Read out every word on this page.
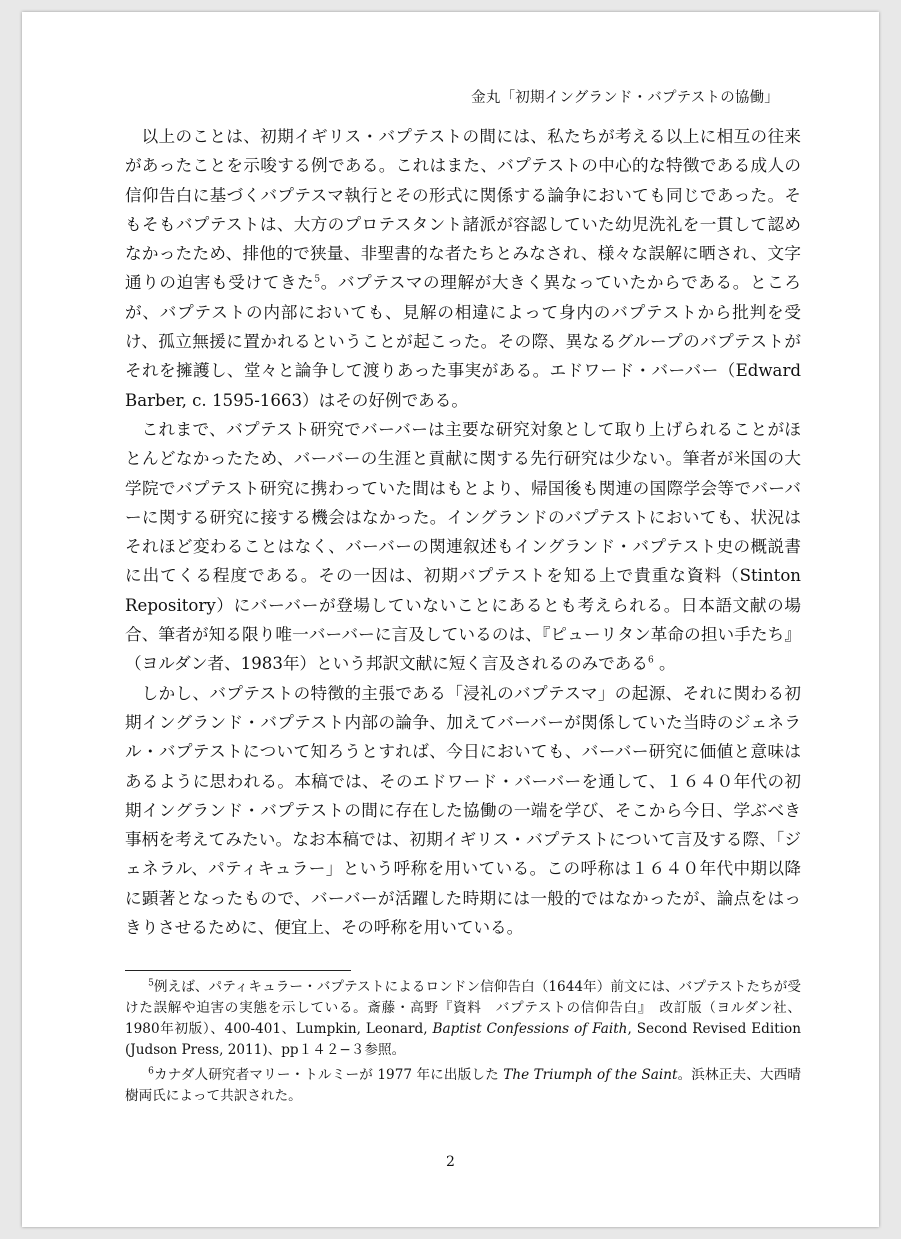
金丸「初期イングランド・バプテストの協働」

以上のことは、初期イギリス・バプテストの間には、私たちが考える以上に相互の往来があったことを示唆する例である。これはまた、バプテストの中心的な特徴である成人の信仰告白に基づくバプテスマ執行とその形式に関係する論争においても同じであった。そもそもバプテストは、大方のプロテスタント諸派が容認していた幼児洗礼を一貫して認めなかったため、排他的で狭量、非聖書的な者たちとみなされ、様々な誤解に晒され、文字通りの迫害も受けてきた$^5$。バプテスマの理解が大きく異なっていたからである。ところが、バプテストの内部においても、見解の相違によって身内のバプテストから批判を受け、孤立無援に置かれるということが起こった。その際、異なるグループのバプテストがそれを擁護し、堂々と論争して渡りあった事実がある。エドワード・バーバー（Edward Barber, c. 1595-1663）はその好例である。

これまで、バプテスト研究でバーバーは主要な研究対象として取り上げられることがほとんどなかったため、バーバーの生涯と貢献に関する先行研究は少ない。筆者が米国の大学院でバプテスト研究に携わっていた間はもとより、帰国後も関連の国際学会等でバーバーに関する研究に接する機会はなかった。イングランドのバプテストにおいても、状況はそれほど変わることはなく、バーバーの関連叙述もイングランド・バプテスト史の概説書に出てくる程度である。その一因は、初期バプテストを知る上で貴重な資料（Stinton Repository）にバーバーが登場していないことにあるとも考えられる。日本語文献の場合、筆者が知る限り唯一バーバーに言及しているのは、『ピューリタン革命の担い手たち』（ヨルダン者、1983年）という邦訳文献に短く言及されるのみである$^6$ 。

しかし、バプテストの特徴的主張である「浸礼のバプテスマ」の起源、それに関わる初期イングランド・バプテスト内部の論争、加えてバーバーが関係していた当時のジェネラル・バプテストについて知ろうとすれば、今日においても、バーバー研究に価値と意味はあるように思われる。本稿では、そのエドワード・バーバーを通して、１６４０年代の初期イングランド・バプテストの間に存在した協働の一端を学び、そこから今日、学ぶべき事柄を考えてみたい。なお本稿では、初期イギリス・バプテストについて言及する際、「ジェネラル、パティキュラー」という呼称を用いている。この呼称は１６４０年代中期以降に顕著となったもので、バーバーが活躍した時期には一般的ではなかったが、論点をはっきりさせるために、便宜上、その呼称を用いている。

$^5$例えば、パティキュラー・バプテストによるロンドン信仰告白（1644年）前文には、バプテストたちが受けた誤解や迫害の実態を示している。斎藤・高野『資料　バプテストの信仰告白』　改訂版（ヨルダン社、1980年初版）、400-401、Lumpkin, Leonard, Baptist Confessions of Faith, Second Revised Edition (Judson Press, 2011)、pp１４２−３参照。

$^6$カナダ人研究者マリー・トルミーが 1977 年に出版した The Triumph of the Saint。浜林正夫、大西晴樹両氏によって共訳された。

2
